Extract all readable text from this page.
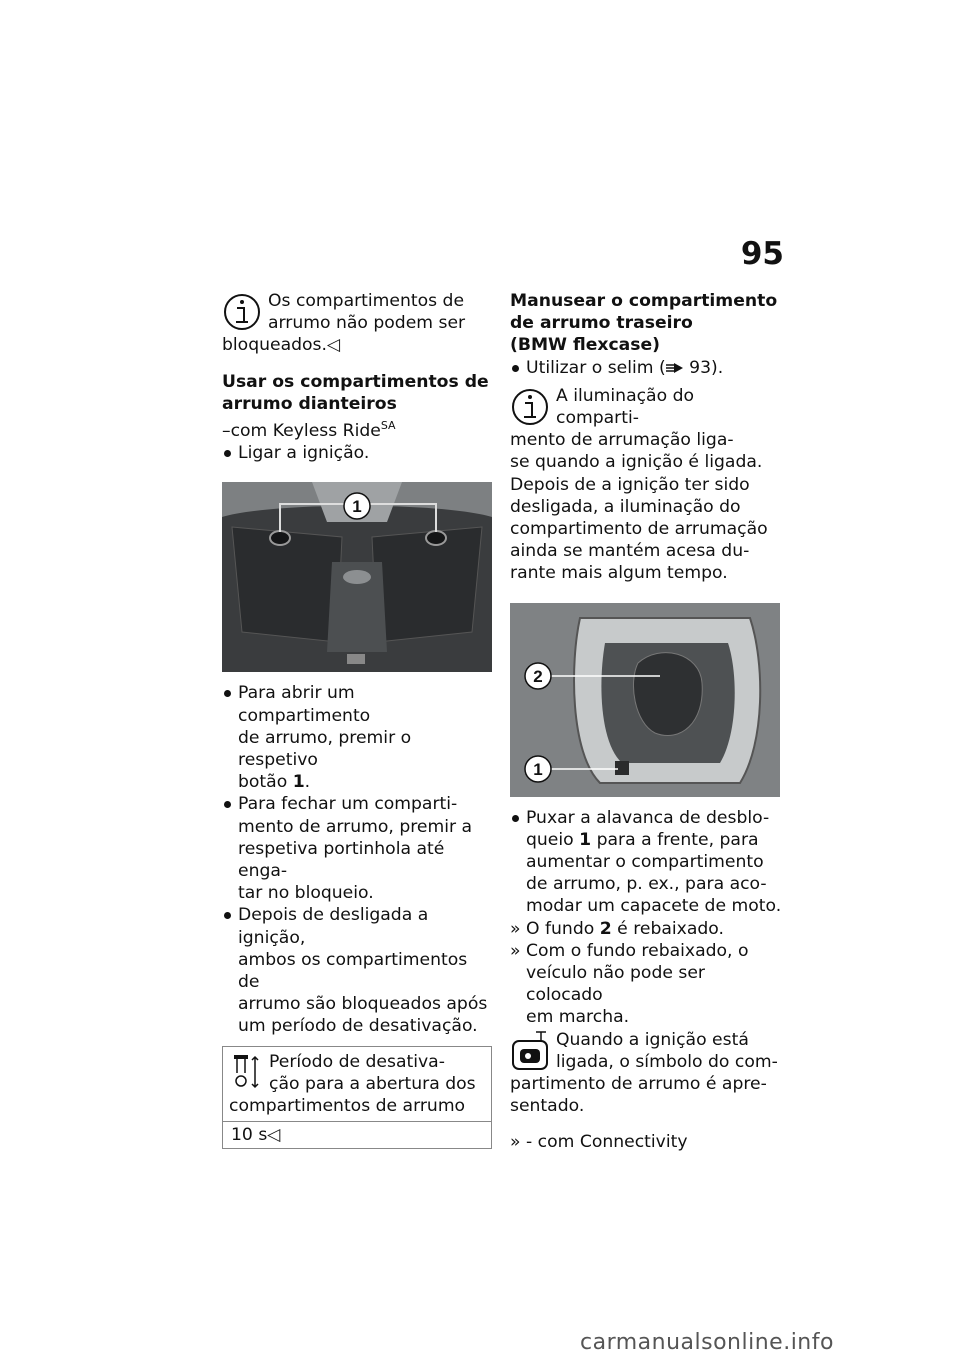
95

Os compartimentos de

arrumo não podem ser

bloqueados.◁

Usar os compartimentos de

arrumo dianteiros

–com Keyless Ride$^{SA}$

Ligar a ignição.
1
Para abrir um compartimento
de arrumo, premir o respetivo
botão 1.
Para fechar um comparti-
mento de arrumo, premir a
respetiva portinhola até enga-
tar no bloqueio.
Depois de desligada a ignição,
ambos os compartimentos de
arrumo são bloqueados após
um período de desativação.

Período de desativa-

ção para a abertura dos

compartimentos de arrumo

10 s◁

Manusear o compartimento

de arrumo traseiro

(BMW flexcase)

Utilizar o selim ( 93).

A iluminação do comparti-

mento de arrumação liga-

se quando a ignição é ligada.

Depois de a ignição ter sido

desligada, a iluminação do

compartimento de arrumação

ainda se mantém acesa du-

rante mais algum tempo.

2
1
Puxar a alavanca de desblo-
queio 1 para a frente, para
aumentar o compartimento
de arrumo, p. ex., para aco-
modar um capacete de moto.
» O fundo 2 é rebaixado.
» Com o fundo rebaixado, o
veículo não pode ser colocado
em marcha.

Quando a ignição está

ligada, o símbolo do com-

partimento de arrumo é apre-

sentado.

» - com Connectivity
carmanualsonline.info
